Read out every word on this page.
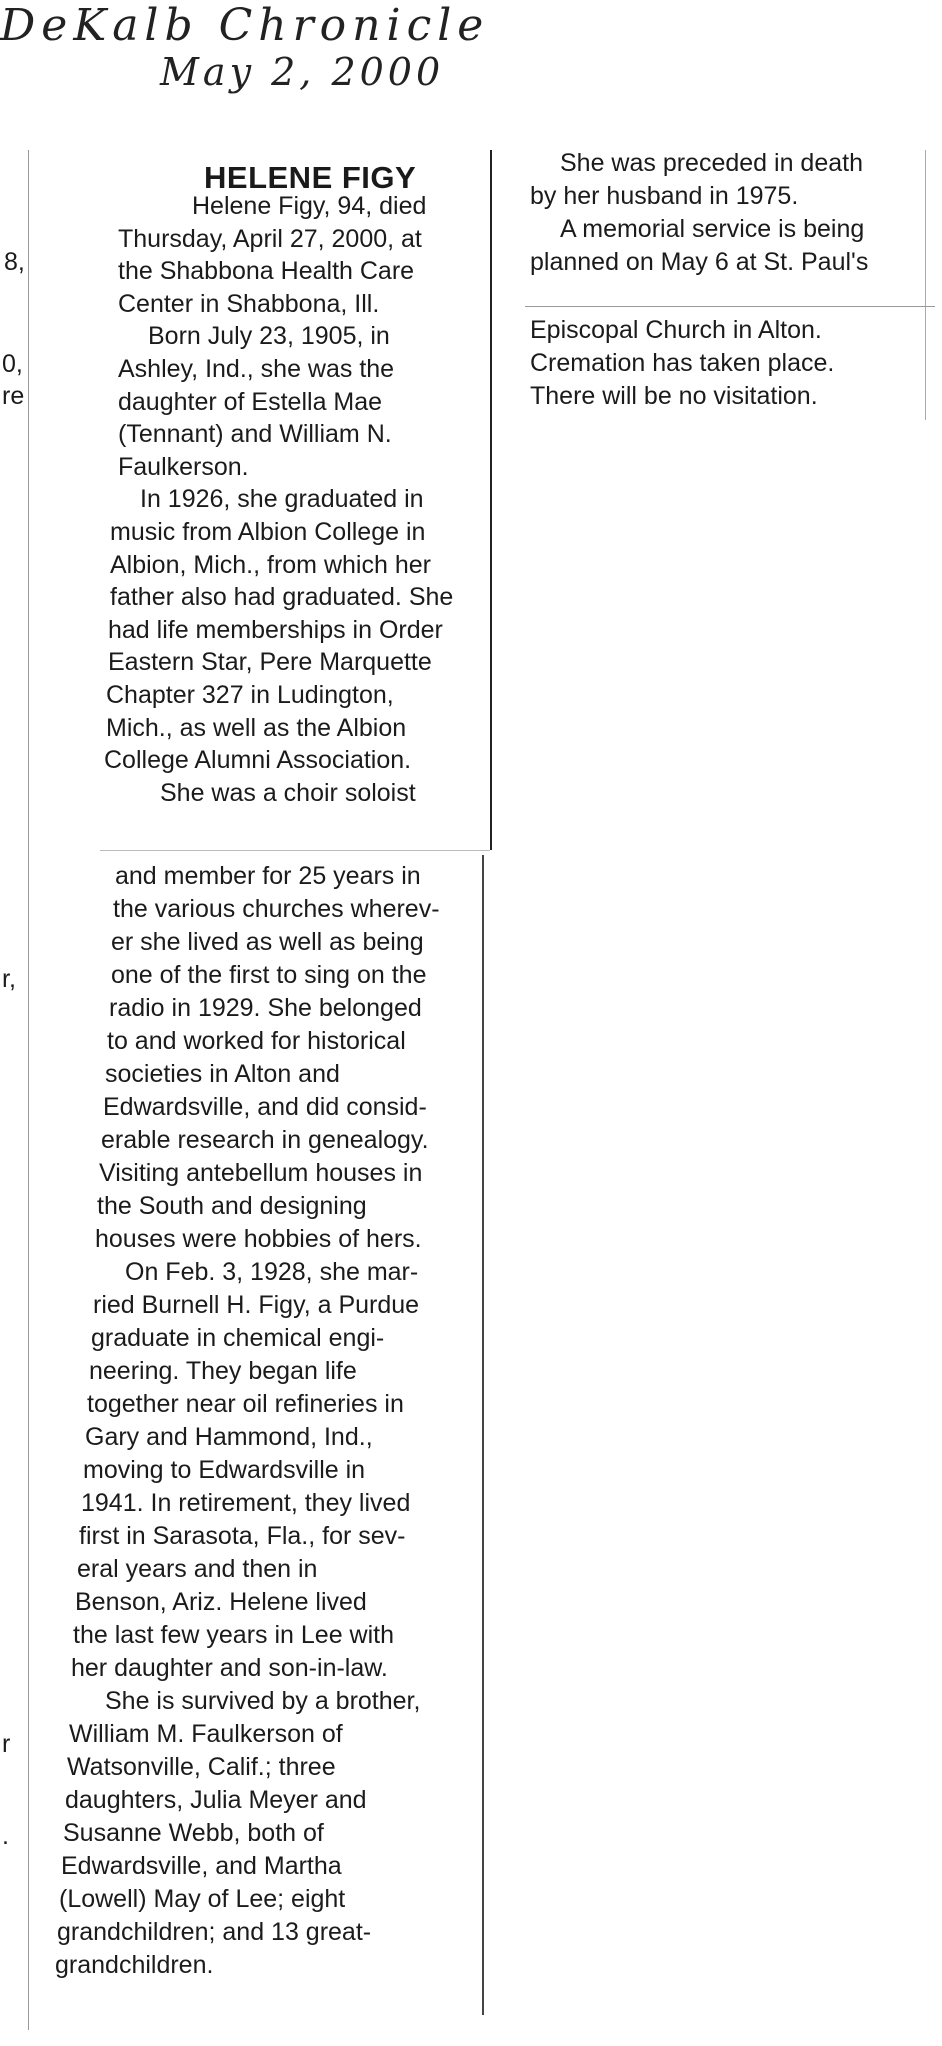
DeKalb Chronicle
May 2, 2000
HELENE FIGY

Helene Figy, 94, died

Thursday, April 27, 2000, at

the Shabbona Health Care

Center in Shabbona, Ill.

Born July 23, 1905, in

Ashley, Ind., she was the

daughter of Estella Mae

(Tennant) and William N.

Faulkerson.

In 1926, she graduated in

music from Albion College in

Albion, Mich., from which her

father also had graduated. She

had life memberships in Order

Eastern Star, Pere Marquette

Chapter 327 in Ludington,

Mich., as well as the Albion

College Alumni Association.

She was a choir soloist

and member for 25 years in

the various churches wherev-

er she lived as well as being

one of the first to sing on the

radio in 1929. She belonged

to and worked for historical

societies in Alton and

Edwardsville, and did consid-

erable research in genealogy.

Visiting antebellum houses in

the South and designing

houses were hobbies of hers.

On Feb. 3, 1928, she mar-

ried Burnell H. Figy, a Purdue

graduate in chemical engi-

neering. They began life

together near oil refineries in

Gary and Hammond, Ind.,

moving to Edwardsville in

1941. In retirement, they lived

first in Sarasota, Fla., for sev-

eral years and then in

Benson, Ariz. Helene lived

the last few years in Lee with

her daughter and son-in-law.

She is survived by a brother,

William M. Faulkerson of

Watsonville, Calif.; three

daughters, Julia Meyer and

Susanne Webb, both of

Edwardsville, and Martha

(Lowell) May of Lee; eight

grandchildren; and 13 great-

grandchildren.

She was preceded in death

by her husband in 1975.

A memorial service is being

planned on May 6 at St. Paul's

Episcopal Church in Alton.

Cremation has taken place.

There will be no visitation.

8,
0,
re
r,
r
.
